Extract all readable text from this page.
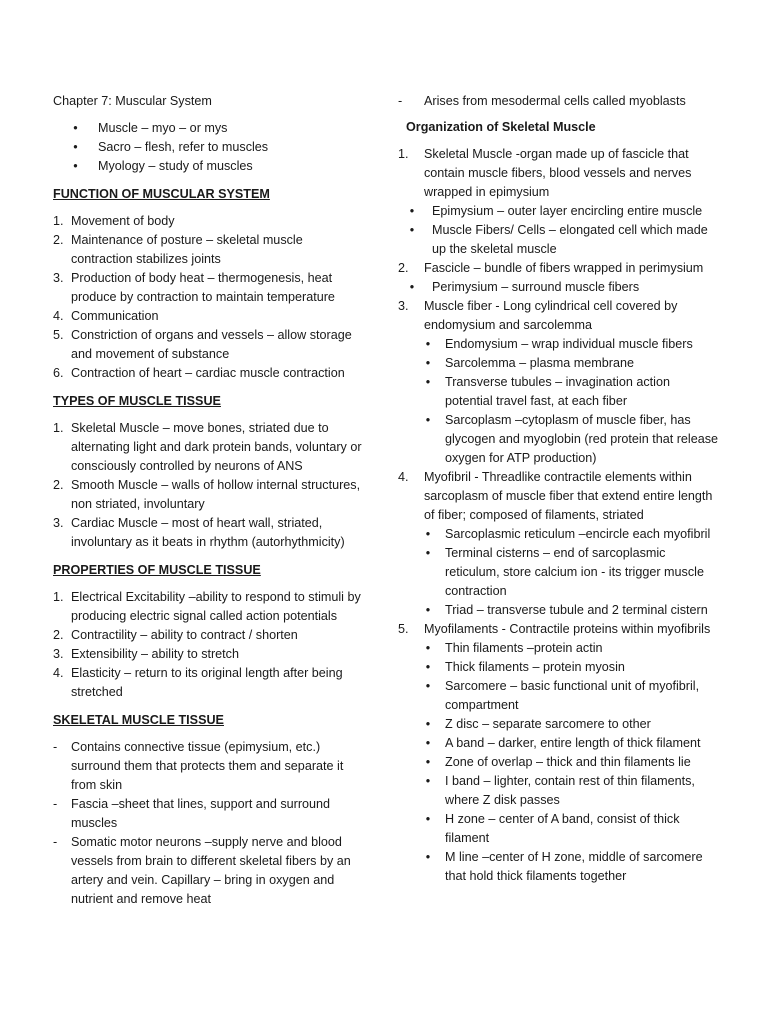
Chapter 7: Muscular System

•	Muscle – myo – or mys
•	Sacro – flesh, refer to muscles
•	Myology – study of muscles

FUNCTION OF MUSCULAR SYSTEM

1. Movement of body
2. Maintenance of posture – skeletal muscle contraction stabilizes joints
3. Production of body heat – thermogenesis, heat produce by contraction to maintain temperature
4. Communication
5. Constriction of organs and vessels – allow storage and movement of substance
6. Contraction of heart – cardiac muscle contraction

TYPES OF MUSCLE TISSUE

1. Skeletal Muscle – move bones, striated due to alternating light and dark protein bands, voluntary or consciously controlled by neurons of ANS
2. Smooth Muscle – walls of hollow internal structures, non striated, involuntary
3. Cardiac Muscle – most of heart wall, striated, involuntary as it beats in rhythm (autorhythmicity)

PROPERTIES OF MUSCLE TISSUE

1. Electrical Excitability –ability to respond to stimuli by producing electric signal called action potentials
2. Contractility – ability to contract / shorten
3. Extensibility – ability to stretch
4. Elasticity – return to its original length after being stretched

SKELETAL MUSCLE TISSUE

-	Contains connective tissue (epimysium, etc.) surround them that protects them and separate it from skin
-	Fascia –sheet that lines, support and surround muscles
-	Somatic motor neurons –supply nerve and blood vessels from brain to different skeletal fibers by an artery and vein. Capillary – bring in oxygen and nutrient and remove heat
-	Arises from mesodermal cells called myoblasts

Organization of Skeletal Muscle

1.	Skeletal Muscle -organ made up of fascicle that contain muscle fibers, blood vessels and nerves wrapped in epimysium
•	Epimysium – outer layer encircling entire muscle
•	Muscle Fibers/ Cells – elongated cell which made up the skeletal muscle
2.	Fascicle – bundle of fibers wrapped in perimysium
•	Perimysium – surround muscle fibers
3.	Muscle fiber - Long cylindrical cell covered by endomysium and sarcolemma
•	Endomysium – wrap individual muscle fibers
•	Sarcolemma – plasma membrane
•	Transverse tubules – invagination action potential travel fast, at each fiber
•	Sarcoplasm –cytoplasm of muscle fiber, has glycogen and myoglobin (red protein that release oxygen for ATP production)
4.	Myofibril - Threadlike contractile elements within sarcoplasm of muscle fiber that extend entire length of fiber; composed of filaments, striated
•	Sarcoplasmic reticulum –encircle each myofibril
•	Terminal cisterns – end of sarcoplasmic reticulum, store calcium ion - its trigger muscle contraction
•	Triad – transverse tubule and 2 terminal cistern
5.	Myofilaments - Contractile proteins within myofibrils
•	Thin filaments –protein actin
•	Thick filaments – protein myosin
•	Sarcomere – basic functional unit of myofibril, compartment
•	Z disc – separate sarcomere to other
•	A band – darker, entire length of thick filament
•	Zone of overlap – thick and thin filaments lie
•	I band – lighter, contain rest of thin filaments, where Z disk passes
•	H zone – center of A band, consist of thick filament
•	M line –center of H zone, middle of sarcomere that hold thick filaments together
